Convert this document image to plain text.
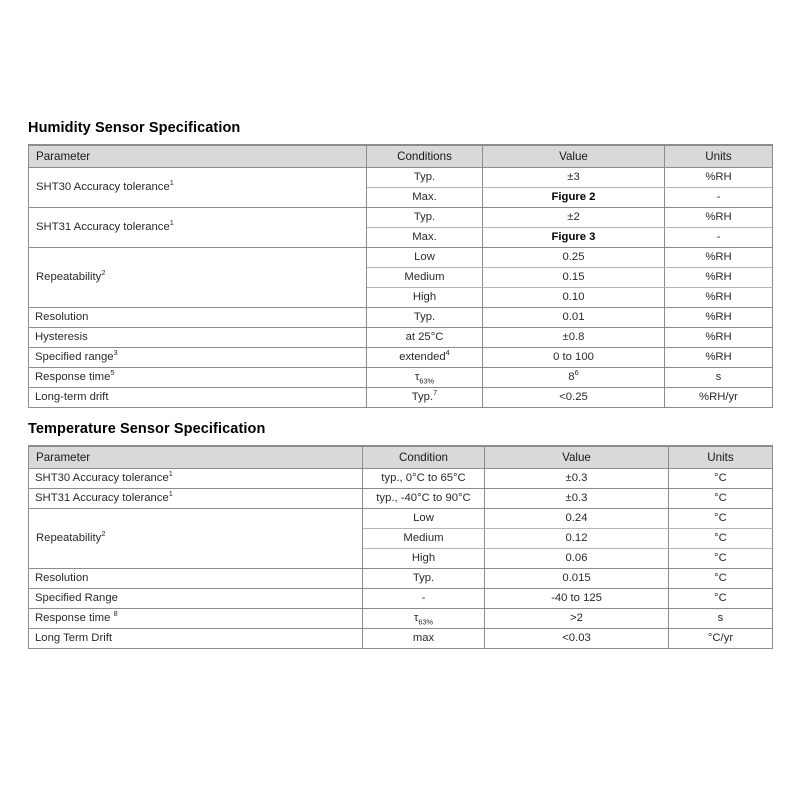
Humidity Sensor Specification
Parameter	Conditions	Value	Units

SHT30 Accuracy tolerance$^1$	Typ.	±3	%RH

	Max.	Figure 2	-

SHT31 Accuracy tolerance$^1$	Typ.	±2	%RH

	Max.	Figure 3	-

Repeatability$^2$	Low	0.25	%RH

	Medium	0.15	%RH

	High	0.10	%RH

Resolution	Typ.	0.01	%RH

Hysteresis	at 25°C	±0.8	%RH

Specified range$^3$	extended$^4$	0 to 100	%RH

Response time$^5$	$\tau_{63\%}$	$8^6$	s

Long-term drift	Typ.$^7$	<0.25	%RH/yr
Temperature Sensor Specification
Parameter	Condition	Value	Units

SHT30 Accuracy tolerance$^1$	typ., 0°C to 65°C	±0.3	°C

SHT31 Accuracy tolerance$^1$	typ., -40°C to 90°C	±0.3	°C

Repeatability$^2$	Low	0.24	°C

	Medium	0.12	°C

	High	0.06	°C

Resolution	Typ.	0.015	°C

Specified Range	-	-40 to 125	°C

Response time $^8$	$\tau_{63\%}$	>2	s

Long Term Drift	max	<0.03	°C/yr
